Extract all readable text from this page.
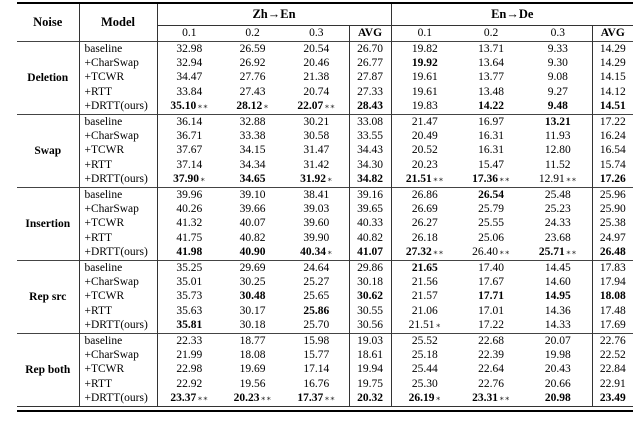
Noise	Model	Zh→En				En→De			
		0.1	0.2	0.3	AVG	0.1	0.2	0.3	AVG
Deletion	baseline	32.98	26.59	20.54	26.70	19.82	13.71	9.33	14.29
	+CharSwap	32.94	26.92	20.46	26.77	19.92	13.64	9.30	14.29
	+TCWR	34.47	27.76	21.38	27.87	19.61	13.77	9.08	14.15
	+RTT	33.84	27.43	20.74	27.33	19.61	13.48	9.27	14.12
	+DRTT(ours)	35.10∗∗	28.12∗	22.07∗∗	28.43	19.83	14.22	9.48	14.51
Swap	baseline	36.14	32.88	30.21	33.08	21.47	16.97	13.21	17.22
	+CharSwap	36.71	33.38	30.58	33.55	20.49	16.31	11.93	16.24
	+TCWR	37.67	34.15	31.47	34.43	20.52	16.31	12.80	16.54
	+RTT	37.14	34.34	31.42	34.30	20.23	15.47	11.52	15.74
	+DRTT(ours)	37.90∗	34.65	31.92∗	34.82	21.51∗∗	17.36∗∗	12.91∗∗	17.26
Insertion	baseline	39.96	39.10	38.41	39.16	26.86	26.54	25.48	25.96
	+CharSwap	40.26	39.66	39.03	39.65	26.69	25.79	25.23	25.90
	+TCWR	41.32	40.07	39.60	40.33	26.27	25.55	24.33	25.38
	+RTT	41.75	40.82	39.90	40.82	26.18	25.06	23.68	24.97
	+DRTT(ours)	41.98	40.90	40.34∗	41.07	27.32∗∗	26.40∗∗	25.71∗∗	26.48
Rep src	baseline	35.25	29.69	24.64	29.86	21.65	17.40	14.45	17.83
	+CharSwap	35.01	30.25	25.27	30.18	21.56	17.67	14.60	17.94
	+TCWR	35.73	30.48	25.65	30.62	21.57	17.71	14.95	18.08
	+RTT	35.63	30.17	25.86	30.55	21.06	17.01	14.36	17.48
	+DRTT(ours)	35.81	30.18	25.70	30.56	21.51∗	17.22	14.33	17.69
Rep both	baseline	22.33	18.77	15.98	19.03	25.52	22.68	20.07	22.76
	+CharSwap	21.99	18.08	15.77	18.61	25.18	22.39	19.98	22.52
	+TCWR	22.98	19.69	17.14	19.94	25.44	22.64	20.43	22.84
	+RTT	22.92	19.56	16.76	19.75	25.30	22.76	20.66	22.91
	+DRTT(ours)	23.37∗∗	20.23∗∗	17.37∗∗	20.32	26.19∗	23.31∗∗	20.98	23.49
